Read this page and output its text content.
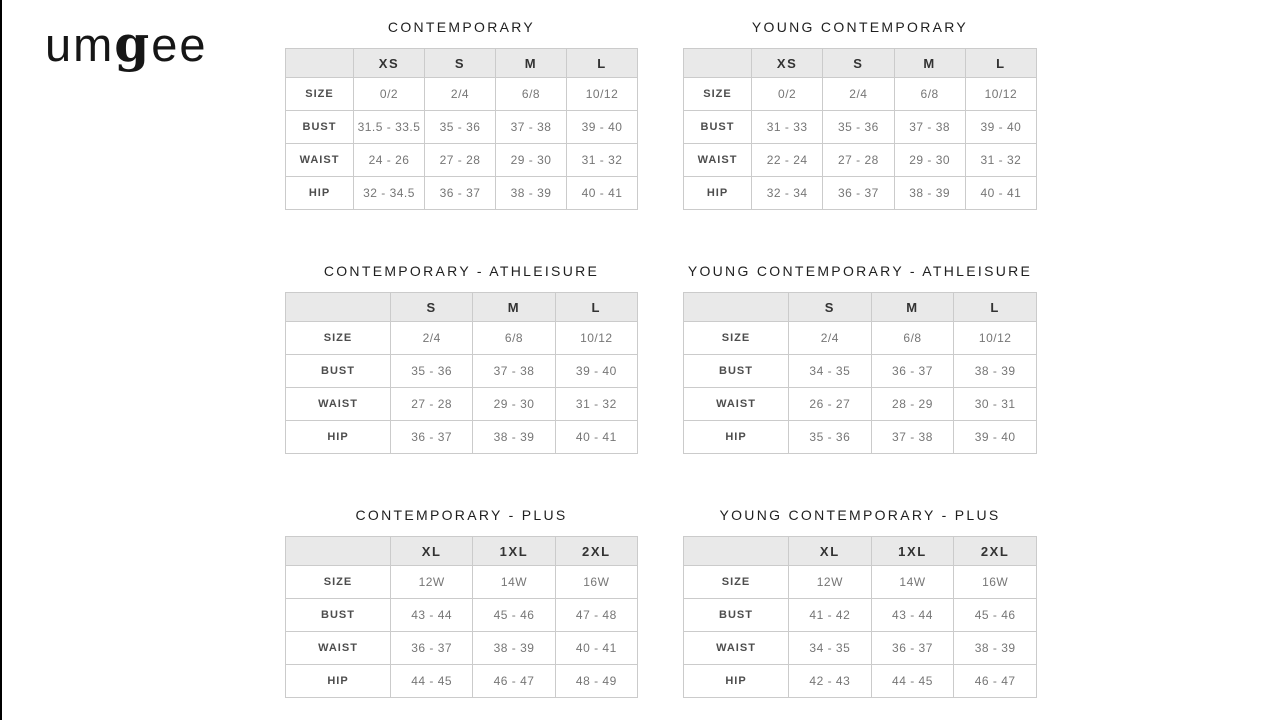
umgee	CONTEMPORARY
	XS	S	M	L
SIZE	0/2	2/4	6/8	10/12
BUST	31.5 - 33.5	35 - 36	37 - 38	39 - 40
WAIST	24 - 26	27 - 28	29 - 30	31 - 32
HIP	32 - 34.5	36 - 37	38 - 39	40 - 41
YOUNG CONTEMPORARY
	XS	S	M	L
SIZE	0/2	2/4	6/8	10/12
BUST	31 - 33	35 - 36	37 - 38	39 - 40
WAIST	22 - 24	27 - 28	29 - 30	31 - 32
HIP	32 - 34	36 - 37	38 - 39	40 - 41
CONTEMPORARY - ATHLEISURE
	S	M	L
SIZE	2/4	6/8	10/12
BUST	35 - 36	37 - 38	39 - 40
WAIST	27 - 28	29 - 30	31 - 32
HIP	36 - 37	38 - 39	40 - 41
YOUNG CONTEMPORARY - ATHLEISURE
	S	M	L
SIZE	2/4	6/8	10/12
BUST	34 - 35	36 - 37	38 - 39
WAIST	26 - 27	28 - 29	30 - 31
HIP	35 - 36	37 - 38	39 - 40
CONTEMPORARY - PLUS
	XL	1XL	2XL
SIZE	12W	14W	16W
BUST	43 - 44	45 - 46	47 - 48
WAIST	36 - 37	38 - 39	40 - 41
HIP	44 - 45	46 - 47	48 - 49
YOUNG CONTEMPORARY - PLUS
	XL	1XL	2XL
SIZE	12W	14W	16W
BUST	41 - 42	43 - 44	45 - 46
WAIST	34 - 35	36 - 37	38 - 39
HIP	42 - 43	44 - 45	46 - 47
